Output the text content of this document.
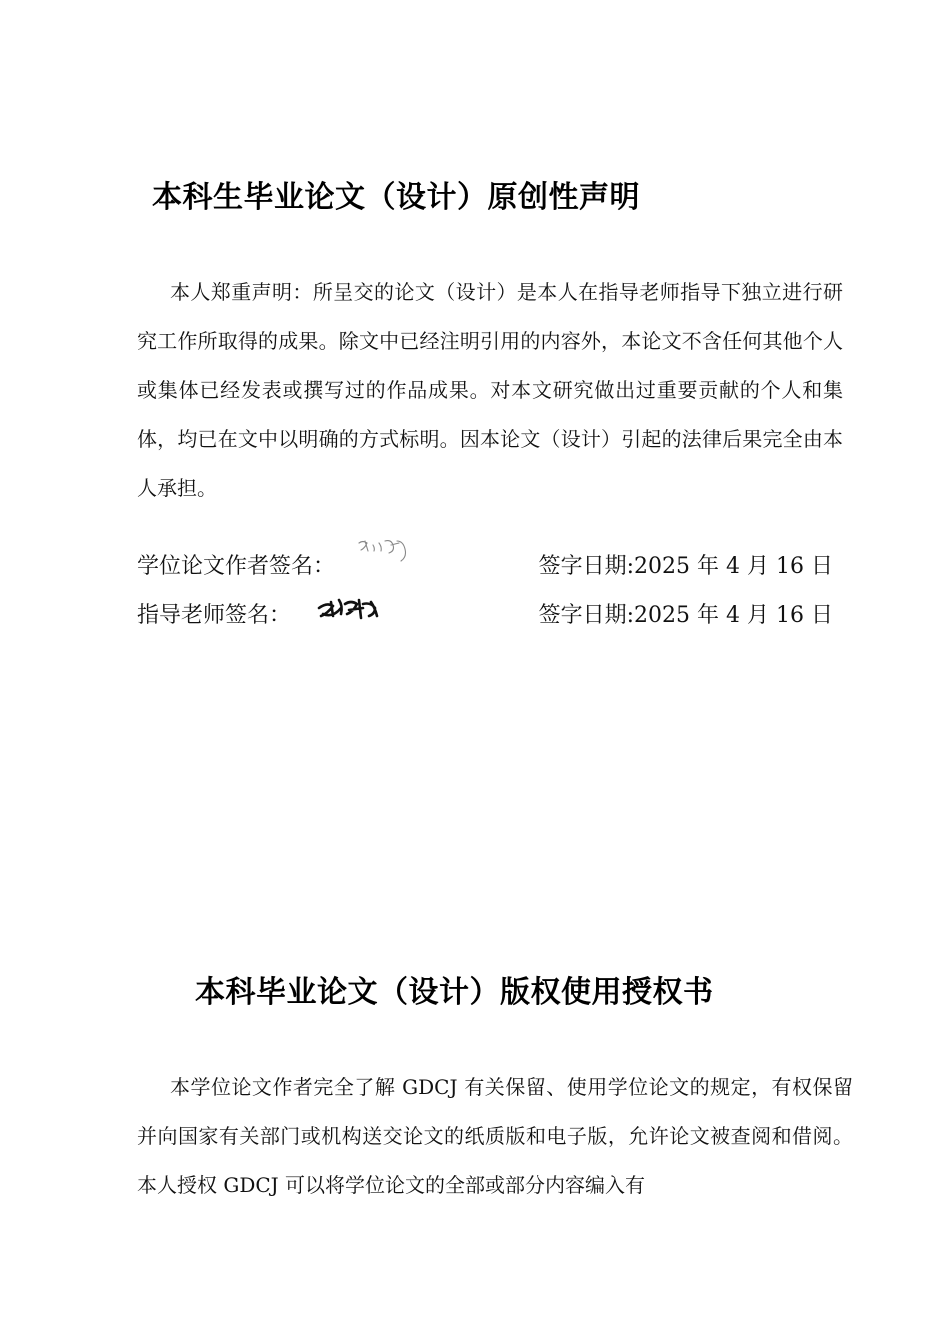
本科生毕业论文（设计）原创性声明

本人郑重声明：所呈交的论文（设计）是本人在指导老师指导下独立进行研究工作所取得的成果。除文中已经注明引用的内容外，本论文不含任何其他个人或集体已经发表或撰写过的作品成果。对本文研究做出过重要贡献的个人和集体，均已在文中以明确的方式标明。因本论文（设计）引起的法律后果完全由本人承担。

学位论文作者签名：	签字日期:2025 年 4 月 16 日
指导老师签名：	签字日期:2025 年 4 月 16 日
本科毕业论文（设计）版权使用授权书

本学位论文作者完全了解 GDCJ 有关保留、使用学位论文的规定，有权保留并向国家有关部门或机构送交论文的纸质版和电子版，允许论文被查阅和借阅。本人授权 GDCJ 可以将学位论文的全部或部分内容编入有
